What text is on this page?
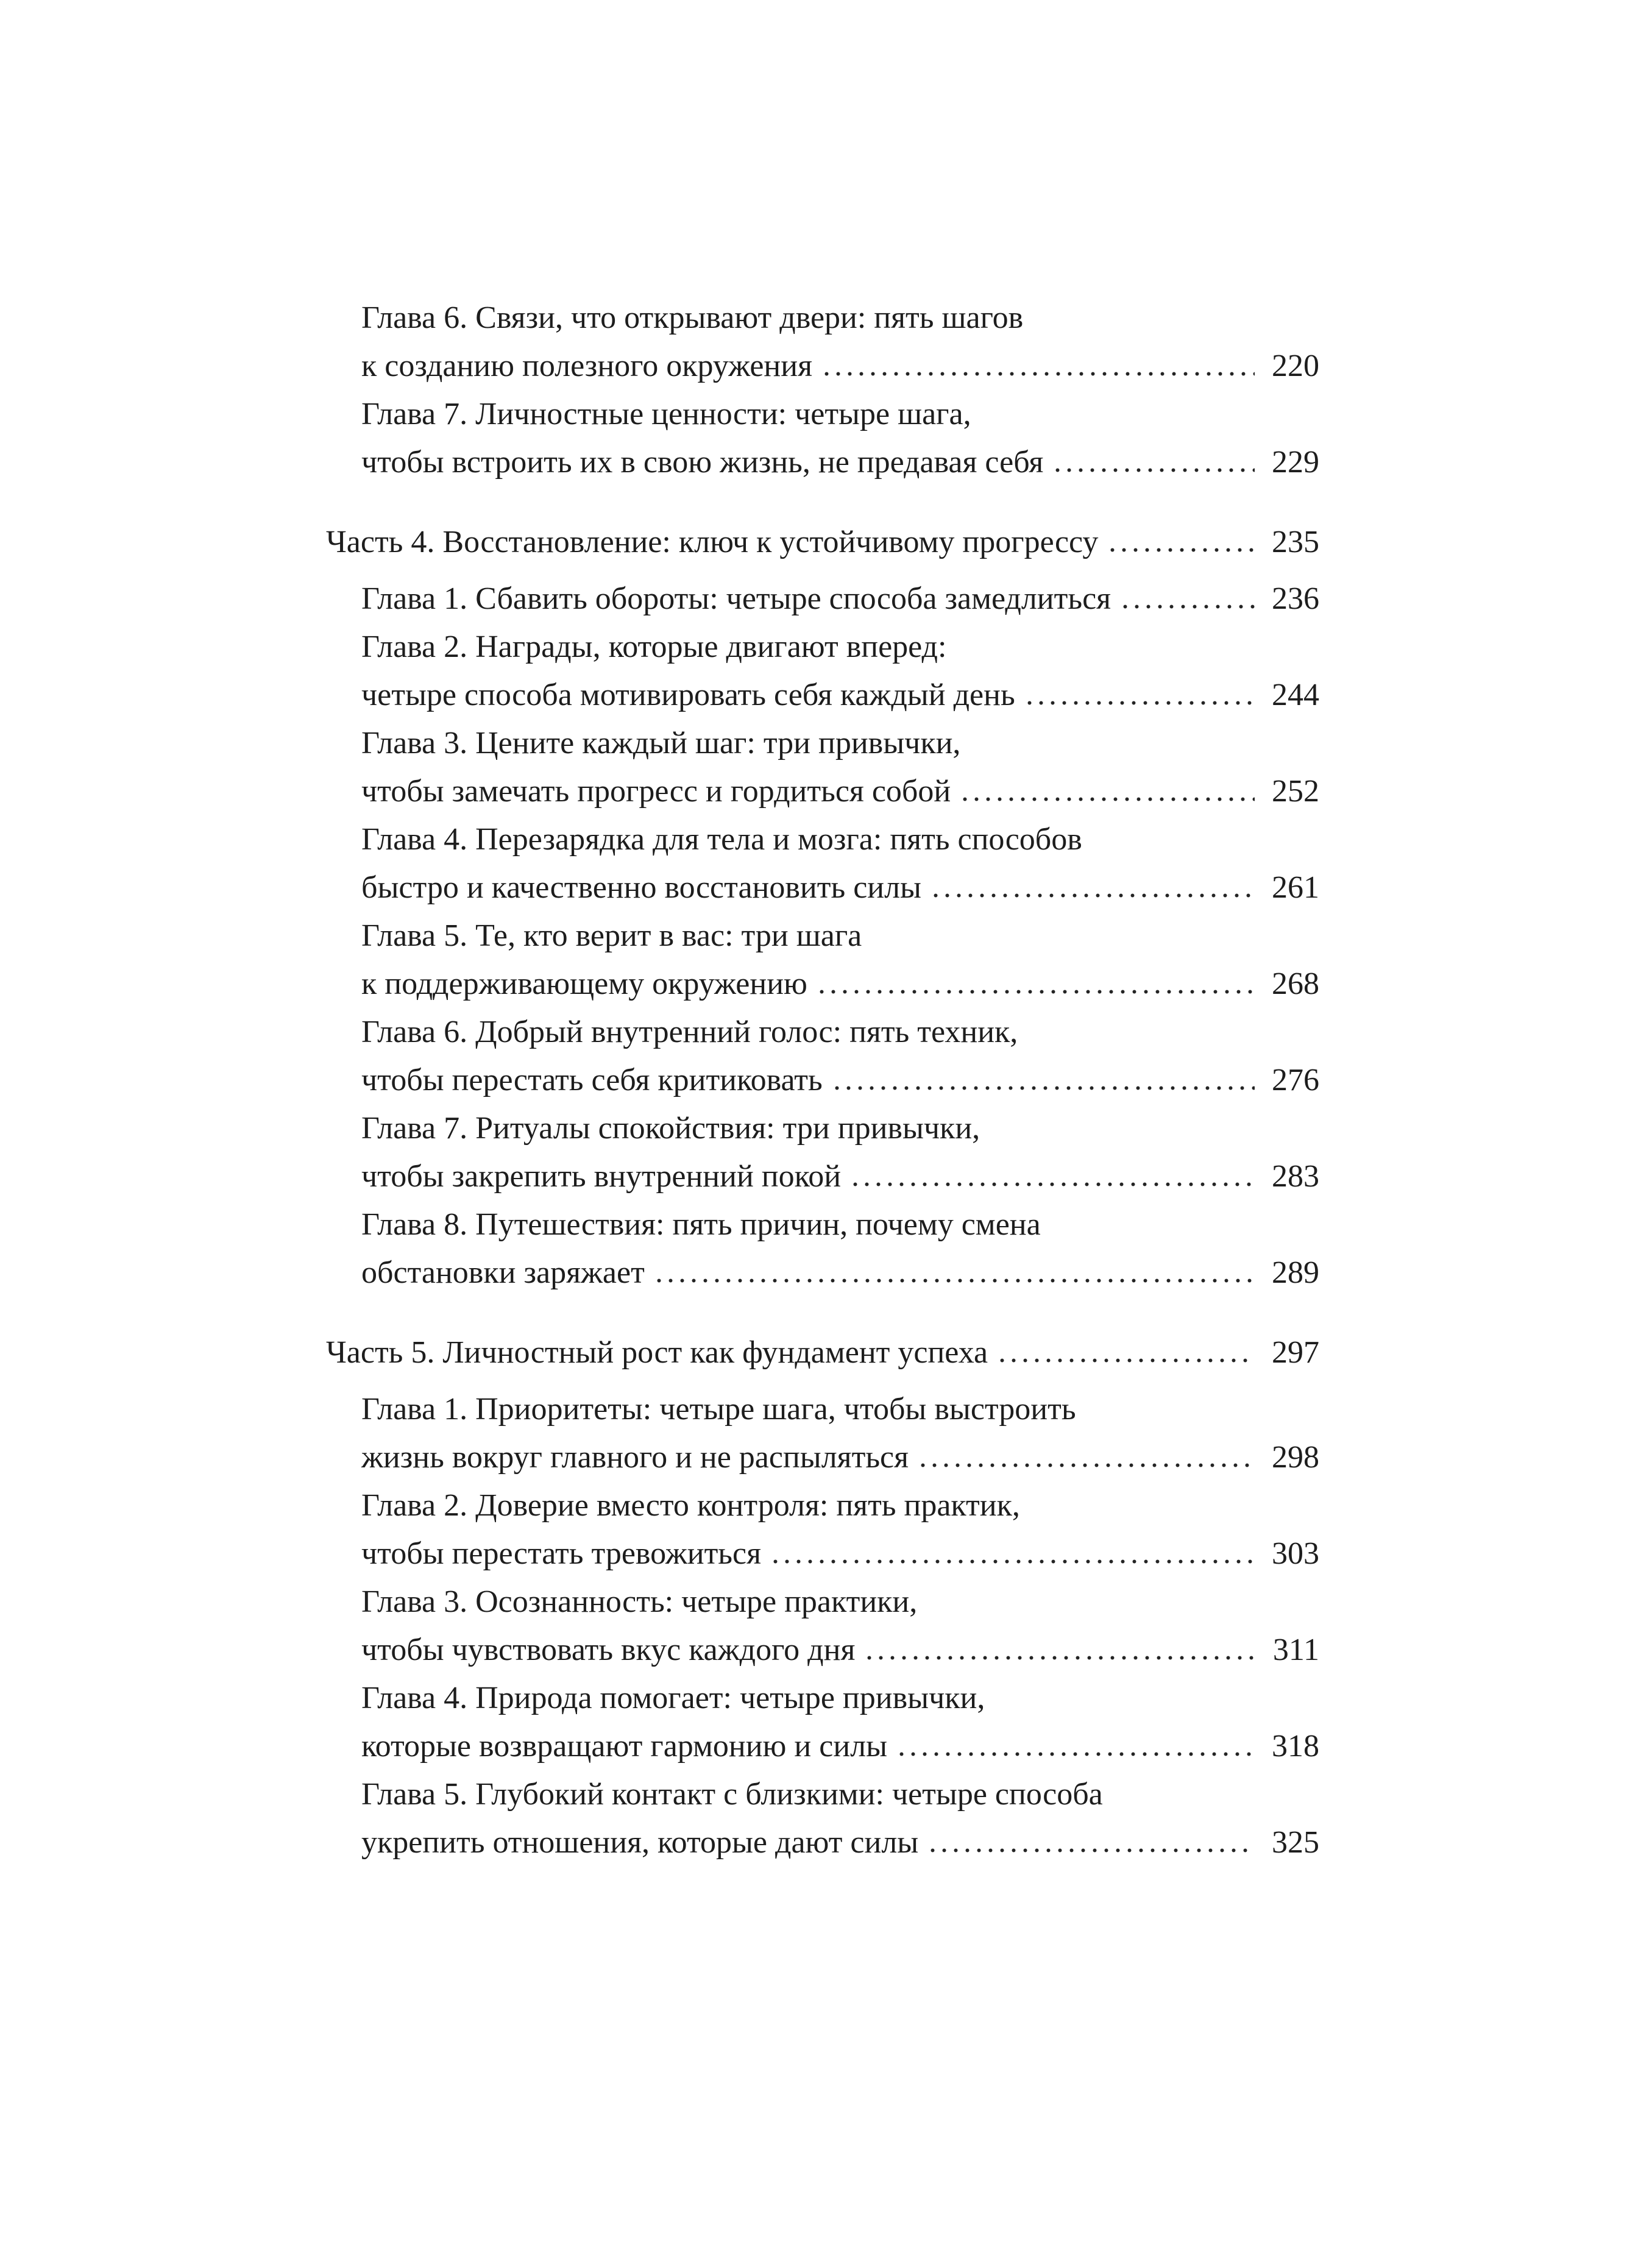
Глава 6. Связи, что открывают двери: пять шагов
к созданию полезного окружения	220
Глава 7. Личностные ценности: четыре шага,
чтобы встроить их в свою жизнь, не предавая себя	229
Часть 4. Восстановление: ключ к устойчивому прогрессу	235
Глава 1. Сбавить обороты: четыре способа замедлиться	236
Глава 2. Награды, которые двигают вперед:
четыре способа мотивировать себя каждый день	244
Глава 3. Цените каждый шаг: три привычки,
чтобы замечать прогресс и гордиться собой	252
Глава 4. Перезарядка для тела и мозга: пять способов
быстро и качественно восстановить силы	261
Глава 5. Те, кто верит в вас: три шага
к поддерживающему окружению	268
Глава 6. Добрый внутренний голос: пять техник,
чтобы перестать себя критиковать	276
Глава 7. Ритуалы спокойствия: три привычки,
чтобы закрепить внутренний покой	283
Глава 8. Путешествия: пять причин, почему смена
обстановки заряжает	289
Часть 5. Личностный рост как фундамент успеха	297
Глава 1. Приоритеты: четыре шага, чтобы выстроить
жизнь вокруг главного и не распыляться	298
Глава 2. Доверие вместо контроля: пять практик,
чтобы перестать тревожиться	303
Глава 3. Осознанность: четыре практики,
чтобы чувствовать вкус каждого дня	311
Глава 4. Природа помогает: четыре привычки,
которые возвращают гармонию и силы	318
Глава 5. Глубокий контакт с близкими: четыре способа
укрепить отношения, которые дают силы	325
